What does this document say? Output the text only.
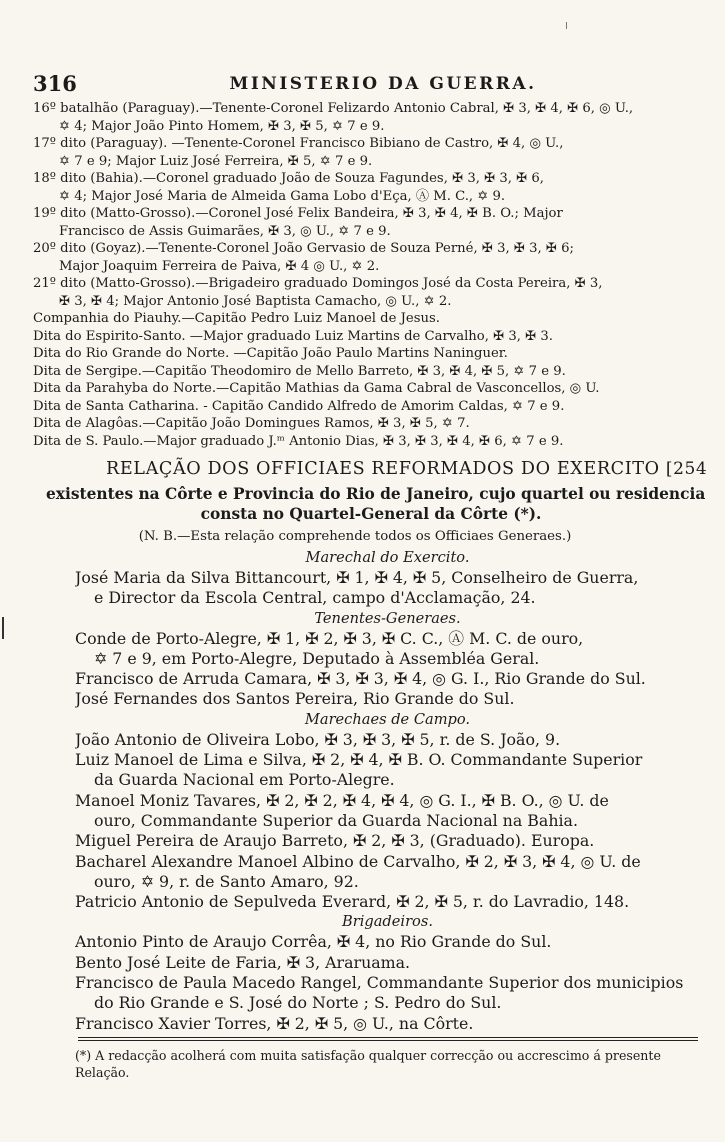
316	MINISTERIO DA GUERRA.

16º batalhão (Paraguay).—Tenente-Coronel Felizardo Antonio Cabral, ✠ 3, ✠ 4, ✠ 6, ◎ U.,

✡ 4; Major João Pinto Homem, ✠ 3, ✠ 5, ✡ 7 e 9.

17º dito (Paraguay). —Tenente-Coronel Francisco Bibiano de Castro, ✠ 4, ◎ U.,

✡ 7 e 9; Major Luiz José Ferreira, ✠ 5, ✡ 7 e 9.

18º dito (Bahia).—Coronel graduado João de Souza Fagundes, ✠ 3, ✠ 3, ✠ 6,

✡ 4; Major José Maria de Almeida Gama Lobo d'Eça, Ⓐ M. C., ✡ 9.

19º dito (Matto-Grosso).—Coronel José Felix Bandeira, ✠ 3, ✠ 4, ✠ B. O.; Major

Francisco de Assis Guimarães, ✠ 3, ◎ U., ✡ 7 e 9.

20º dito (Goyaz).—Tenente-Coronel João Gervasio de Souza Perné, ✠ 3, ✠ 3, ✠ 6;

Major Joaquim Ferreira de Paiva, ✠ 4 ◎ U., ✡ 2.

21º dito (Matto-Grosso).—Brigadeiro graduado Domingos José da Costa Pereira, ✠ 3,

✠ 3, ✠ 4; Major Antonio José Baptista Camacho, ◎ U., ✡ 2.

Companhia do Piauhy.—Capitão Pedro Luiz Manoel de Jesus.

Dita do Espirito-Santo. —Major graduado Luiz Martins de Carvalho, ✠ 3, ✠ 3.

Dita do Rio Grande do Norte. —Capitão João Paulo Martins Naninguer.

Dita de Sergipe.—Capitão Theodomiro de Mello Barreto, ✠ 3, ✠ 4, ✠ 5, ✡ 7 e 9.

Dita da Parahyba do Norte.—Capitão Mathias da Gama Cabral de Vasconcellos, ◎ U.

Dita de Santa Catharina. - Capitão Candido Alfredo de Amorim Caldas, ✡ 7 e 9.

Dita de Alagôas.—Capitão João Domingues Ramos, ✠ 3, ✠ 5, ✡ 7.

Dita de S. Paulo.—Major graduado J.ᵐ Antonio Dias, ✠ 3, ✠ 3, ✠ 4, ✠ 6, ✡ 7 e 9.

RELAÇÃO DOS OFFICIAES REFORMADOS DO EXERCITO [254
existentes na Côrte e Provincia do Rio de Janeiro, cujo quartel ou residencia
consta no Quartel-General da Côrte (*).
(N. B.—Esta relação comprehende todos os Officiaes Generaes.)

Marechal do Exercito.

José Maria da Silva Bittancourt, ✠ 1, ✠ 4, ✠ 5, Conselheiro de Guerra,

e Director da Escola Central, campo d'Acclamação, 24.

Tenentes-Generaes.

Conde de Porto-Alegre, ✠ 1, ✠ 2, ✠ 3, ✠ C. C., Ⓐ M. C. de ouro,

✡ 7 e 9, em Porto-Alegre, Deputado à Assembléa Geral.

Francisco de Arruda Camara, ✠ 3, ✠ 3, ✠ 4, ◎ G. I., Rio Grande do Sul.

José Fernandes dos Santos Pereira, Rio Grande do Sul.

Marechaes de Campo.

João Antonio de Oliveira Lobo, ✠ 3, ✠ 3, ✠ 5, r. de S. João, 9.

Luiz Manoel de Lima e Silva, ✠ 2, ✠ 4, ✠ B. O. Commandante Superior

da Guarda Nacional em Porto-Alegre.

Manoel Moniz Tavares, ✠ 2, ✠ 2, ✠ 4, ✠ 4, ◎ G. I., ✠ B. O., ◎ U. de

ouro, Commandante Superior da Guarda Nacional na Bahia.

Miguel Pereira de Araujo Barreto, ✠ 2, ✠ 3, (Graduado). Europa.

Bacharel Alexandre Manoel Albino de Carvalho, ✠ 2, ✠ 3, ✠ 4, ◎ U. de

ouro, ✡ 9, r. de Santo Amaro, 92.

Patricio Antonio de Sepulveda Everard, ✠ 2, ✠ 5, r. do Lavradio, 148.

Brigadeiros.

Antonio Pinto de Araujo Corrêa, ✠ 4, no Rio Grande do Sul.

Bento José Leite de Faria, ✠ 3, Araruama.

Francisco de Paula Macedo Rangel, Commandante Superior dos municipios

do Rio Grande e S. José do Norte ; S. Pedro do Sul.

Francisco Xavier Torres, ✠ 2, ✠ 5, ◎ U., na Côrte.

(*) A redacção acolherá com muita satisfação qualquer correcção ou accrescimo á presente

Relação.
